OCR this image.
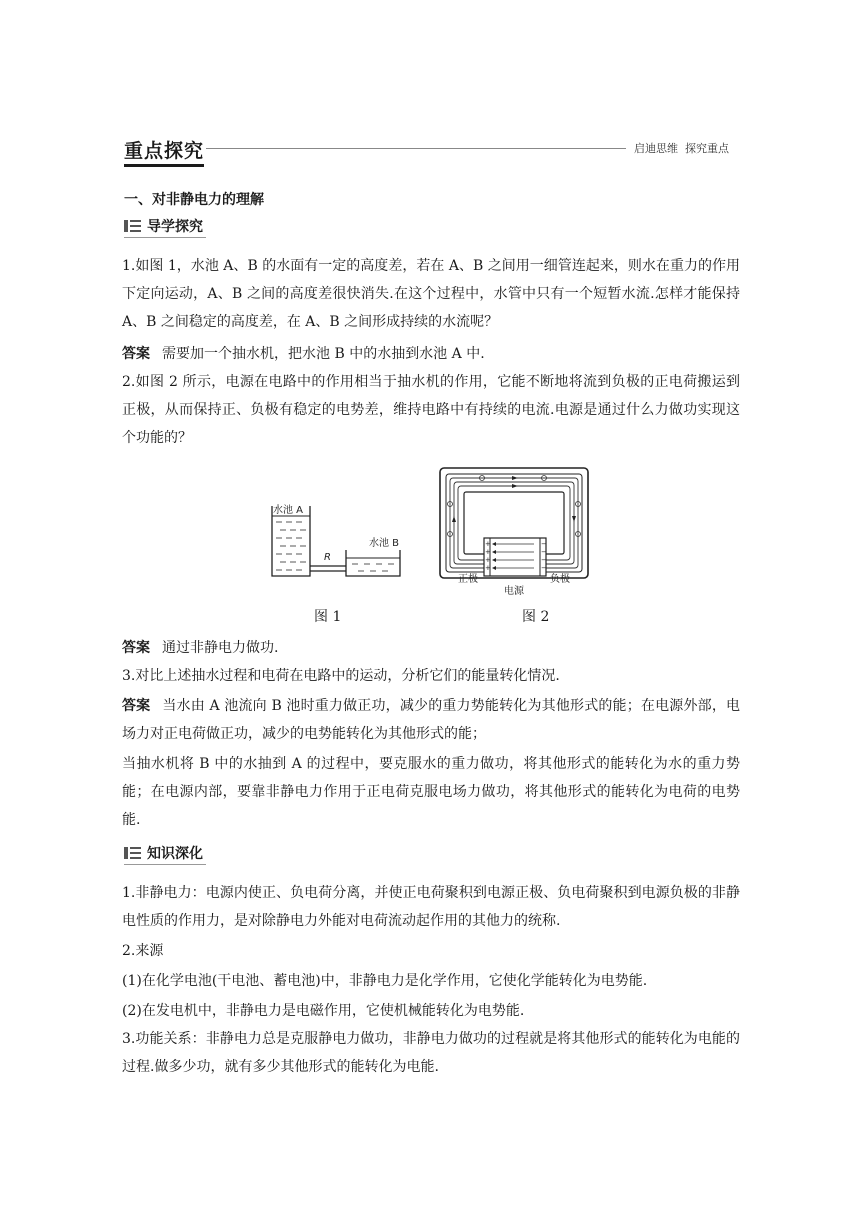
重点探究	启迪思维  探究重点
一、对非静电力的理解
导学探究

1.如图 1，水池 A、B 的水面有一定的高度差，若在 A、B 之间用一细管连起来，则水在重力的作用下定向运动，A、B 之间的高度差很快消失.在这个过程中，水管中只有一个短暂水流.怎样才能保持 A、B 之间稳定的高度差，在 A、B 之间形成持续的水流呢？

答案 需要加一个抽水机，把水池 B 中的水抽到水池 A 中.

2.如图 2 所示，电源在电路中的作用相当于抽水机的作用，它能不断地将流到负极的正电荷搬运到正极，从而保持正、负极有稳定的电势差，维持电路中有持续的电流.电源是通过什么力做功实现这个功能的？

水池 A
R
水池 B
图 1
+
+
+
+
−
−
−
−
正极	负极
电源
图 2

答案 通过非静电力做功.

3.对比上述抽水过程和电荷在电路中的运动，分析它们的能量转化情况.

答案 当水由 A 池流向 B 池时重力做正功，减少的重力势能转化为其他形式的能；在电源外部，电场力对正电荷做正功，减少的电势能转化为其他形式的能；

当抽水机将 B 中的水抽到 A 的过程中，要克服水的重力做功，将其他形式的能转化为水的重力势能；在电源内部，要靠非静电力作用于正电荷克服电场力做功，将其他形式的能转化为电荷的电势能.

知识深化

1.非静电力：电源内使正、负电荷分离，并使正电荷聚积到电源正极、负电荷聚积到电源负极的非静电性质的作用力，是对除静电力外能对电荷流动起作用的其他力的统称.

2.来源

(1)在化学电池(干电池、蓄电池)中，非静电力是化学作用，它使化学能转化为电势能.

(2)在发电机中，非静电力是电磁作用，它使机械能转化为电势能.

3.功能关系：非静电力总是克服静电力做功，非静电力做功的过程就是将其他形式的能转化为电能的过程.做多少功，就有多少其他形式的能转化为电能.
